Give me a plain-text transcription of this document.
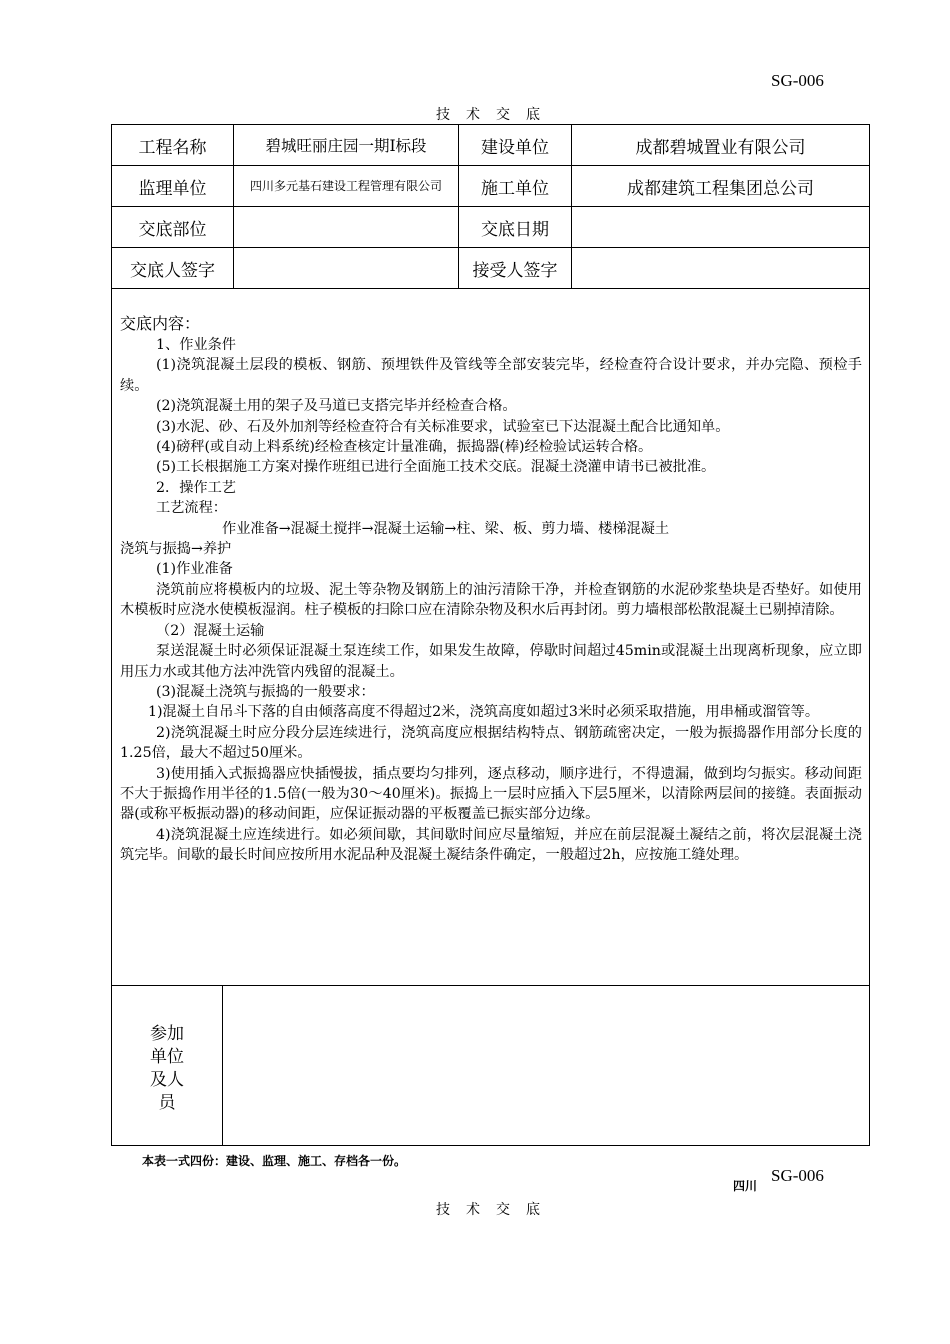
SG-006
技 术 交 底
工程名称	碧城旺丽庄园一期Ⅰ标段	建设单位	成都碧城置业有限公司
监理单位	四川多元基石建设工程管理有限公司	施工单位	成都建筑工程集团总公司
交底部位		交底日期	
交底人签字		接受人签字	

交底内容：

1、作业条件

(1)浇筑混凝土层段的模板、钢筋、预埋铁件及管线等全部安装完毕，经检查符合设计要求，并办完隐、预检手续。

(2)浇筑混凝土用的架子及马道已支搭完毕并经检查合格。

(3)水泥、砂、石及外加剂等经检查符合有关标准要求，试验室已下达混凝土配合比通知单。

(4)磅秤(或自动上料系统)经检查核定计量准确，振捣器(棒)经检验试运转合格。

(5)工长根据施工方案对操作班组已进行全面施工技术交底。混凝土浇灌申请书已被批准。

2．操作工艺

工艺流程：

作业准备→混凝土搅拌→混凝土运输→柱、梁、板、剪力墙、楼梯混凝土

浇筑与振捣→养护

(1)作业准备

浇筑前应将模板内的垃圾、泥土等杂物及钢筋上的油污清除干净，并检查钢筋的水泥砂浆垫块是否垫好。如使用木模板时应浇水使模板湿润。柱子模板的扫除口应在清除杂物及积水后再封闭。剪力墙根部松散混凝土已剔掉清除。

（2）混凝土运输

泵送混凝土时必须保证混凝土泵连续工作，如果发生故障，停歇时间超过45min或混凝土出现离析现象，应立即用压力水或其他方法冲洗管内残留的混凝土。

(3)混凝土浇筑与振捣的一般要求：

1)混凝土自吊斗下落的自由倾落高度不得超过2米，浇筑高度如超过3米时必须采取措施，用串桶或溜管等。

2)浇筑混凝土时应分段分层连续进行，浇筑高度应根据结构特点、钢筋疏密决定，一般为振捣器作用部分长度的1.25倍，最大不超过50厘米。

3)使用插入式振捣器应快插慢拔，插点要均匀排列，逐点移动，顺序进行，不得遗漏，做到均匀振实。移动间距不大于振捣作用半径的1.5倍(一般为30～40厘米)。振捣上一层时应插入下层5厘米，以清除两层间的接缝。表面振动器(或称平板振动器)的移动间距，应保证振动器的平板覆盖已振实部分边缘。

4)浇筑混凝土应连续进行。如必须间歇，其间歇时间应尽量缩短，并应在前层混凝土凝结之前，将次层混凝土浇筑完毕。间歇的最长时间应按所用水泥品种及混凝土凝结条件确定，一般超过2h，应按施工缝处理。

参加
单位
及人
员
本表一式四份：建设、监理、施工、存档各一份。
四川
SG-006
技 术 交 底
